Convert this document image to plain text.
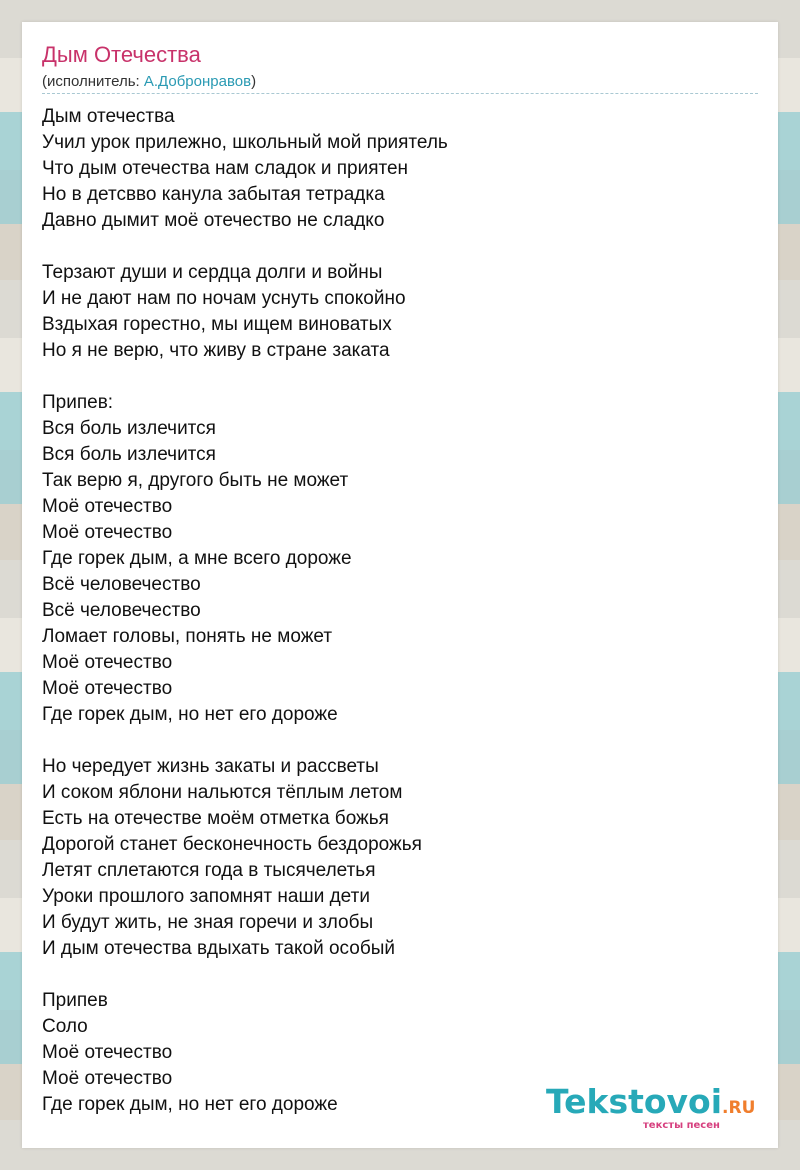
Дым Отечества
(исполнитель: А.Добронравов)
Дым отечества
Учил урок прилежно, школьный мой приятель
Что дым отечества нам сладок и приятен
Но в детсвво канула забытая тетрадка
Давно дымит моё отечество не сладко
Терзают души и сердца долги и войны
И не дают нам по ночам уснуть спокойно
Вздыхая горестно, мы ищем виноватых
Но я не верю, что живу в стране заката
Припев:
Вся боль излечится
Вся боль излечится
Так верю я, другого быть не может
Моё отечество
Моё отечество
Где горек дым, а мне всего дороже
Всё человечество
Всё человечество
Ломает головы, понять не может
Моё отечество
Моё отечество
Где горек дым, но нет его дороже
Но чередует жизнь закаты и рассветы
И соком яблони нальются тёплым летом
Есть на отечестве моём отметка божья
Дорогой станет бесконечность бездорожья
Летят сплетаются года в тысячелетья
Уроки прошлого запомнят наши дети
И будут жить, не зная горечи и злобы
И дым отечества вдыхать такой особый
Припев
Соло
Моё отечество
Моё отечество
Где горек дым, но нет его дороже	Tekstovoi.RU
тексты песен
